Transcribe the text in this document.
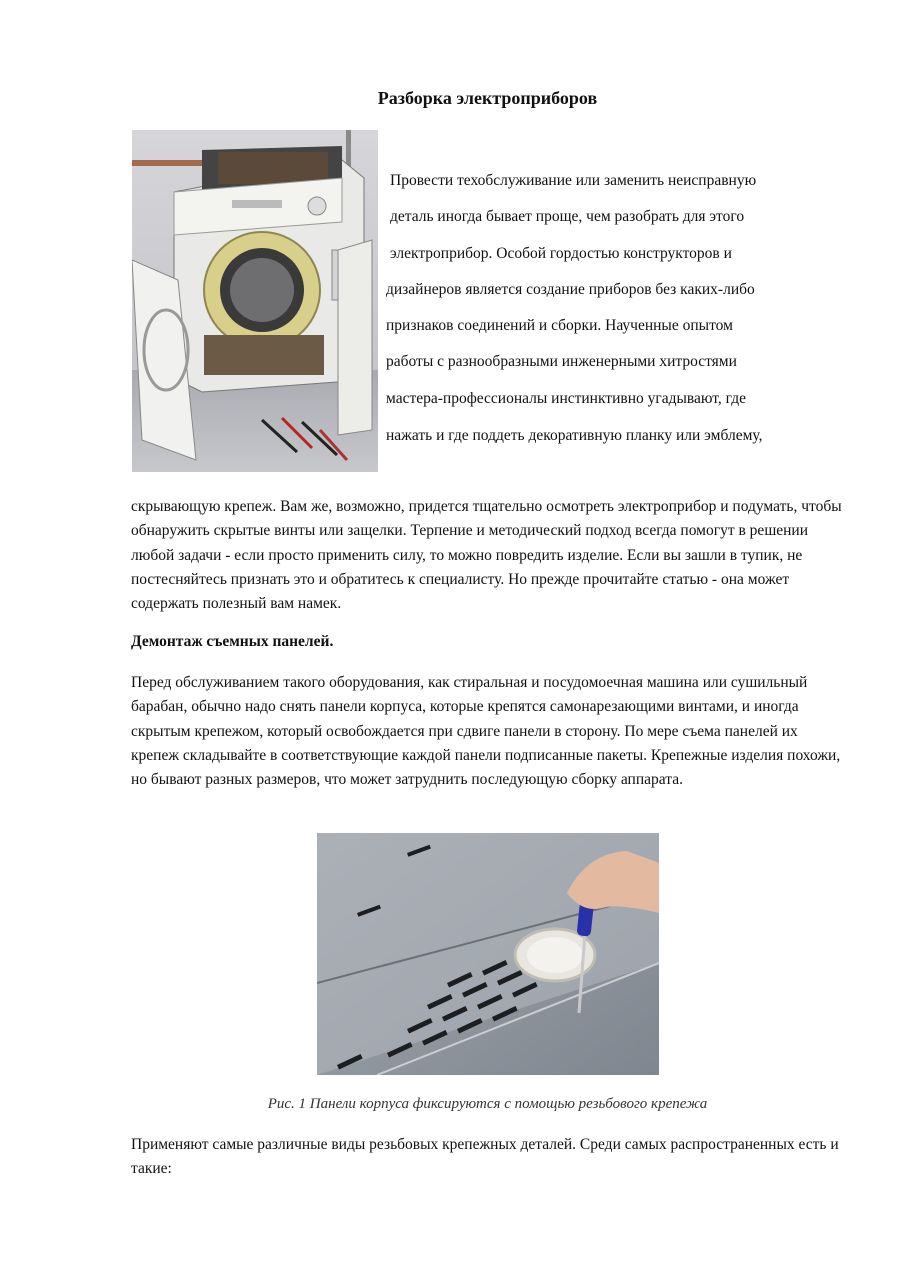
Разборка электроприборов
Провести техобслуживание или заменить неисправную
деталь иногда бывает проще, чем разобрать для этого
электроприбор. Особой гордостью конструкторов и
дизайнеров является создание приборов без каких-либо
признаков соединений и сборки. Наученные опытом
работы с разнообразными инженерными хитростями
мастера-профессионалы инстинктивно угадывают, где
нажать и где поддеть декоративную планку или эмблему,

скрывающую крепеж. Вам же, возможно, придется тщательно осмотреть электроприбор и подумать, чтобы обнаружить скрытые винты или защелки. Терпение и методический подход всегда помогут в решении любой задачи - если просто применить силу, то можно повредить изделие. Если вы зашли в тупик, не постесняйтесь признать это и обратитесь к специалисту. Но прежде прочитайте статью - она может содержать полезный вам намек.

Демонтаж съемных панелей.

Перед обслуживанием такого оборудования, как стиральная и посудомоечная машина или сушильный барабан, обычно надо снять панели корпуса, которые крепятся самонарезающими винтами, и иногда скрытым крепежом, который освобождается при сдвиге панели в сторону. По мере съема панелей их крепеж складывайте в соответствующие каждой панели подписанные пакеты. Крепежные изделия похожи, но бывают разных размеров, что может затруднить последующую сборку аппарата.

Рис. 1 Панели корпуса фиксируются с помощью резьбового крепежа

Применяют самые различные виды резьбовых крепежных деталей. Среди самых распространенных есть и такие:
